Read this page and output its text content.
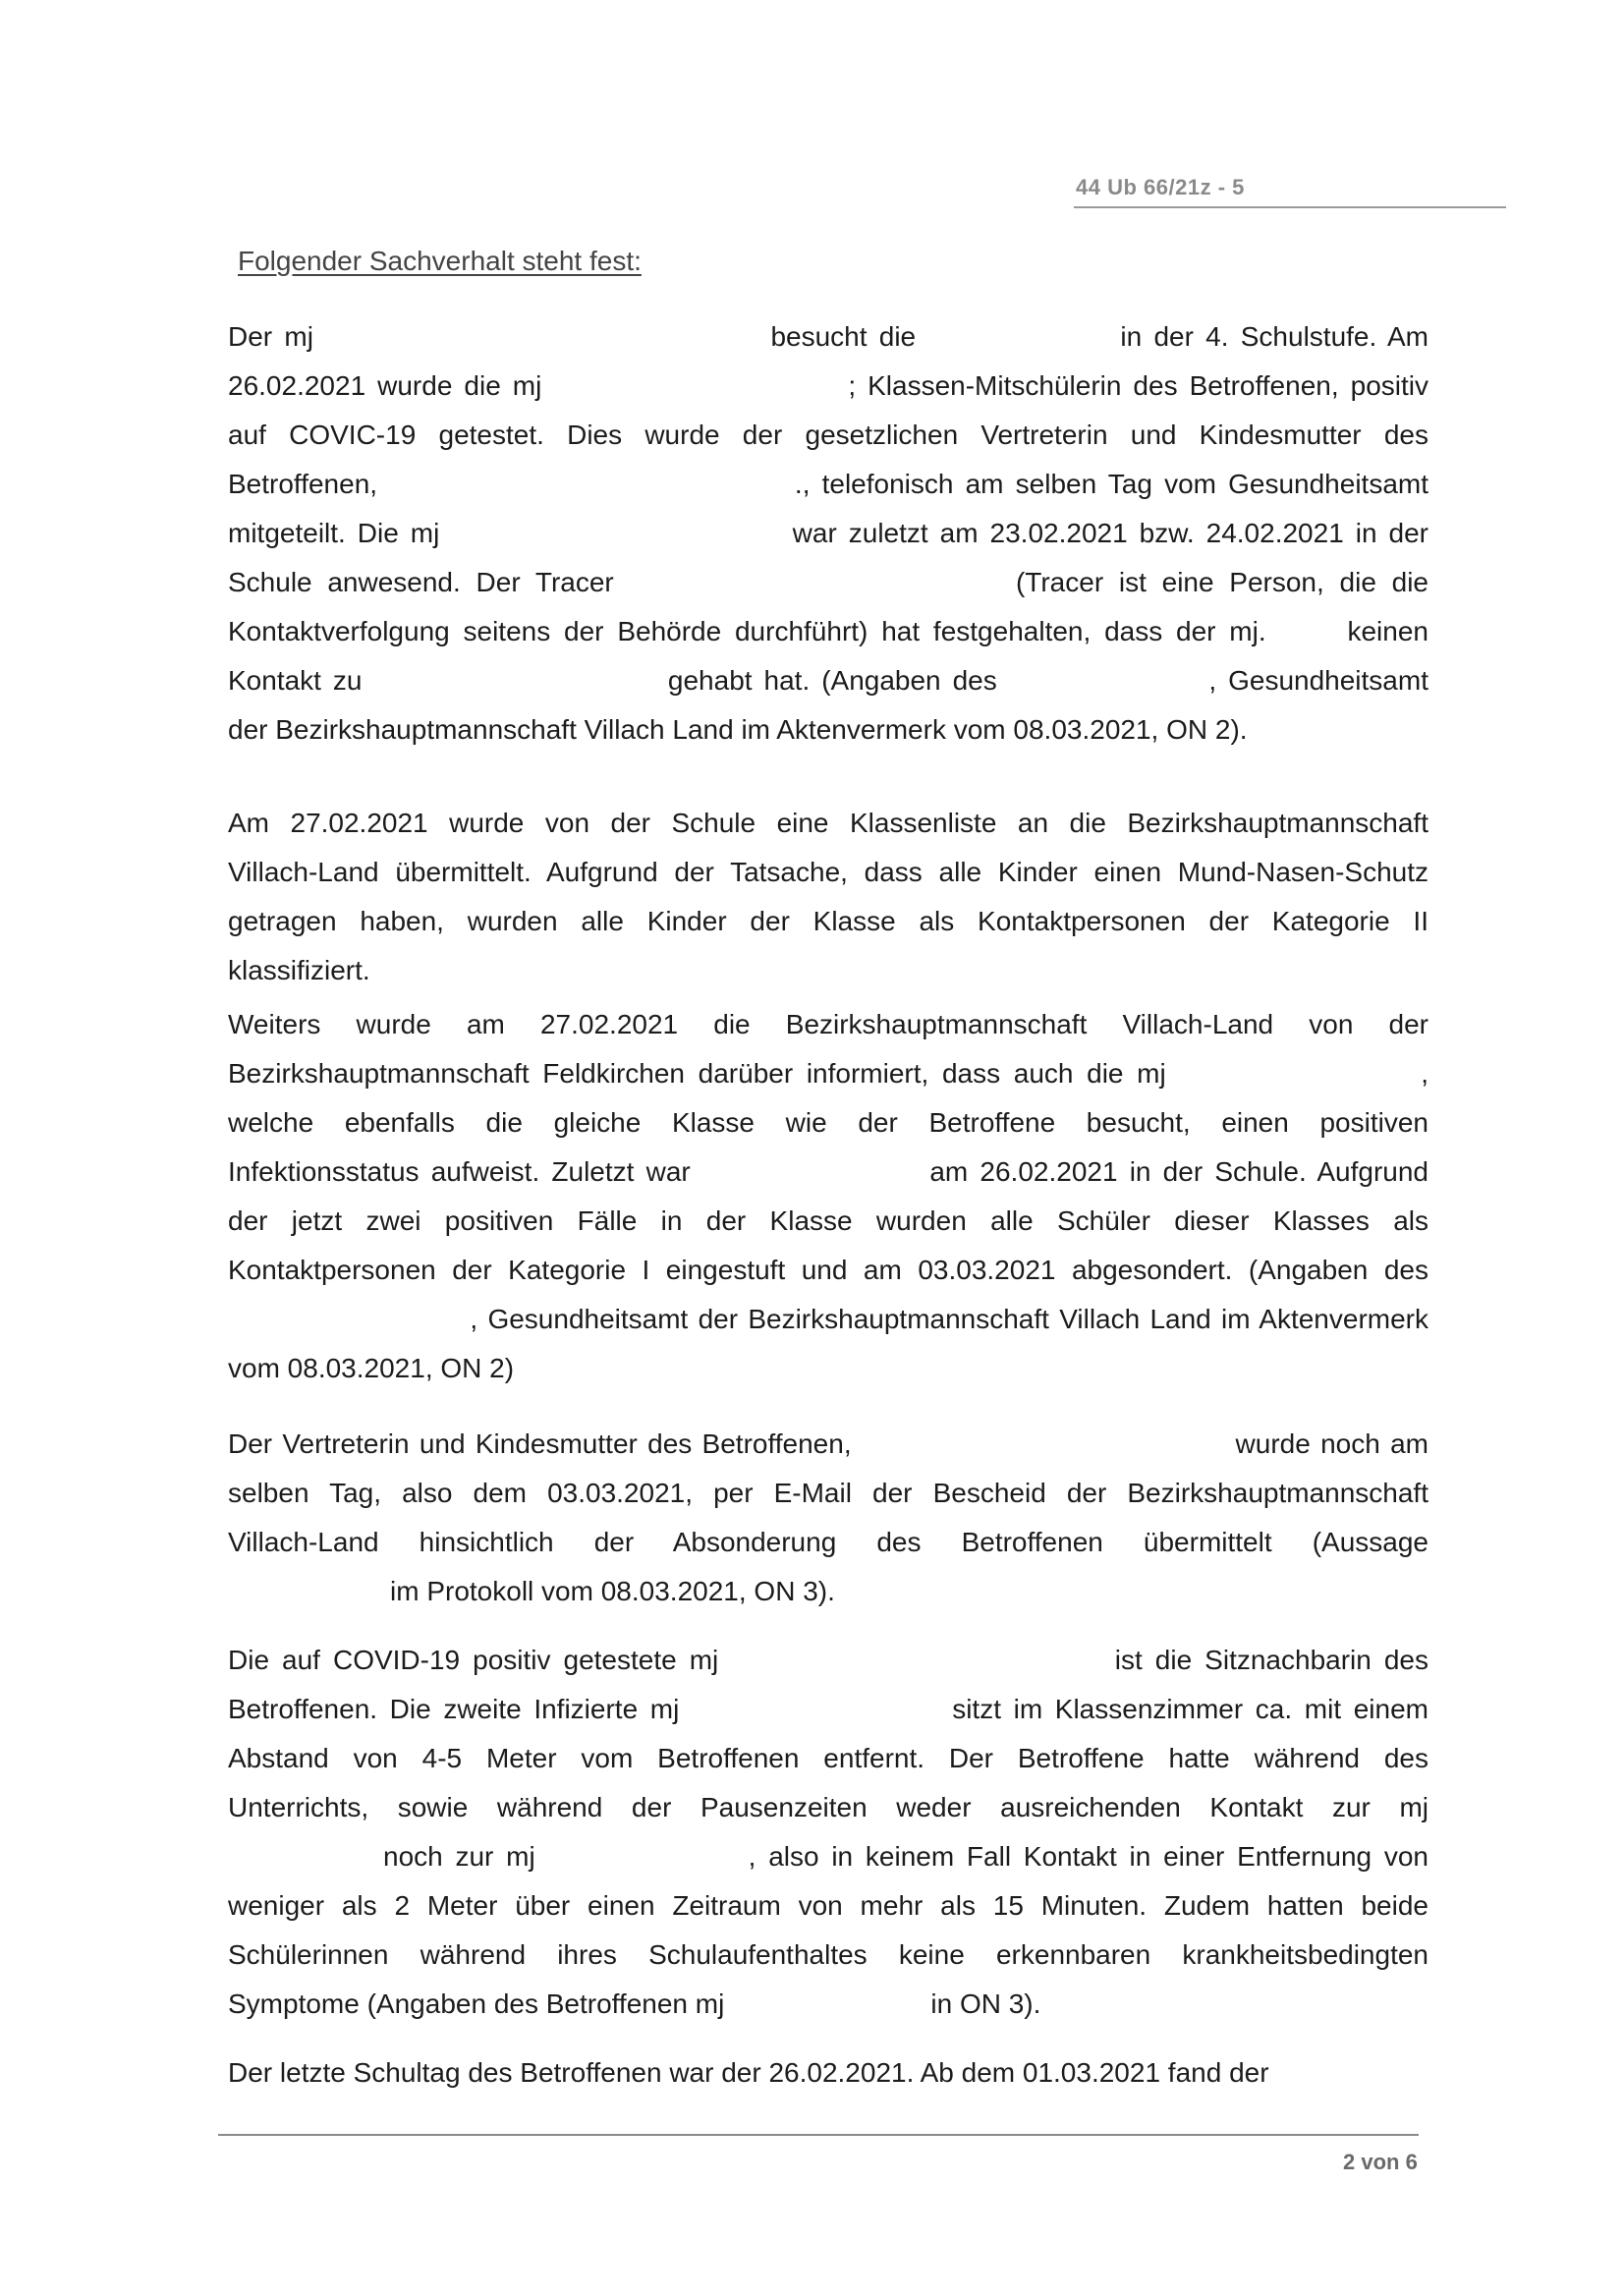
44 Ub 66/21z - 5
Folgender Sachverhalt steht fest:
Der mj                                      besucht die                 in der 4. Schulstufe. Am
26.02.2021 wurde die mj                          ; Klassen-Mitschülerin des Betroffenen, positiv
auf COVIC-19 getestet. Dies wurde der gesetzlichen Vertreterin und Kindesmutter des
Betroffenen,                                   ., telefonisch am selben Tag vom Gesundheitsamt
mitgeteilt. Die mj                              war zuletzt am 23.02.2021 bzw. 24.02.2021 in der
Schule anwesend. Der Tracer                          (Tracer ist eine Person, die die
Kontaktverfolgung seitens der Behörde durchführt) hat festgehalten, dass der mj.      keinen
Kontakt zu                          gehabt hat. (Angaben des                  , Gesundheitsamt
der Bezirkshauptmannschaft Villach Land im Aktenvermerk vom 08.03.2021, ON 2).
Am 27.02.2021 wurde von der Schule eine Klassenliste an die Bezirkshauptmannschaft
Villach-Land übermittelt. Aufgrund der Tatsache, dass alle Kinder einen Mund-Nasen-Schutz
getragen haben, wurden alle Kinder der Klasse als Kontaktpersonen der Kategorie II
klassifiziert.
Weiters wurde am 27.02.2021 die Bezirkshauptmannschaft Villach-Land von der
Bezirkshauptmannschaft Feldkirchen darüber informiert, dass auch die mj                   ,
welche ebenfalls die gleiche Klasse wie der Betroffene besucht, einen positiven
Infektionsstatus aufweist. Zuletzt war                    am 26.02.2021 in der Schule. Aufgrund
der jetzt zwei positiven Fälle in der Klasse wurden alle Schüler dieser Klasses als
Kontaktpersonen der Kategorie I eingestuft und am 03.03.2021 abgesondert. (Angaben des
, Gesundheitsamt der Bezirkshauptmannschaft Villach Land im Aktenvermerk
vom 08.03.2021, ON 2)
Der Vertreterin und Kindesmutter des Betroffenen,                                      wurde noch am
selben Tag, also dem 03.03.2021, per E-Mail der Bescheid der Bezirkshauptmannschaft
Villach-Land hinsichtlich der Absonderung des Betroffenen übermittelt (Aussage
im Protokoll vom 08.03.2021, ON 3).
Die auf COVID-19 positiv getestete mj                               ist die Sitznachbarin des
Betroffenen. Die zweite Infizierte mj                      sitzt im Klassenzimmer ca. mit einem
Abstand von 4-5 Meter vom Betroffenen entfernt. Der Betroffene hatte während des
Unterrichts, sowie während der Pausenzeiten weder ausreichenden Kontakt zur mj
noch zur mj                 , also in keinem Fall Kontakt in einer Entfernung von
weniger als 2 Meter über einen Zeitraum von mehr als 15 Minuten. Zudem hatten beide
Schülerinnen während ihres Schulaufenthaltes keine erkennbaren krankheitsbedingten
Symptome (Angaben des Betroffenen mj                           in ON 3).
Der letzte Schultag des Betroffenen war der 26.02.2021. Ab dem 01.03.2021 fand der
2 von 6
